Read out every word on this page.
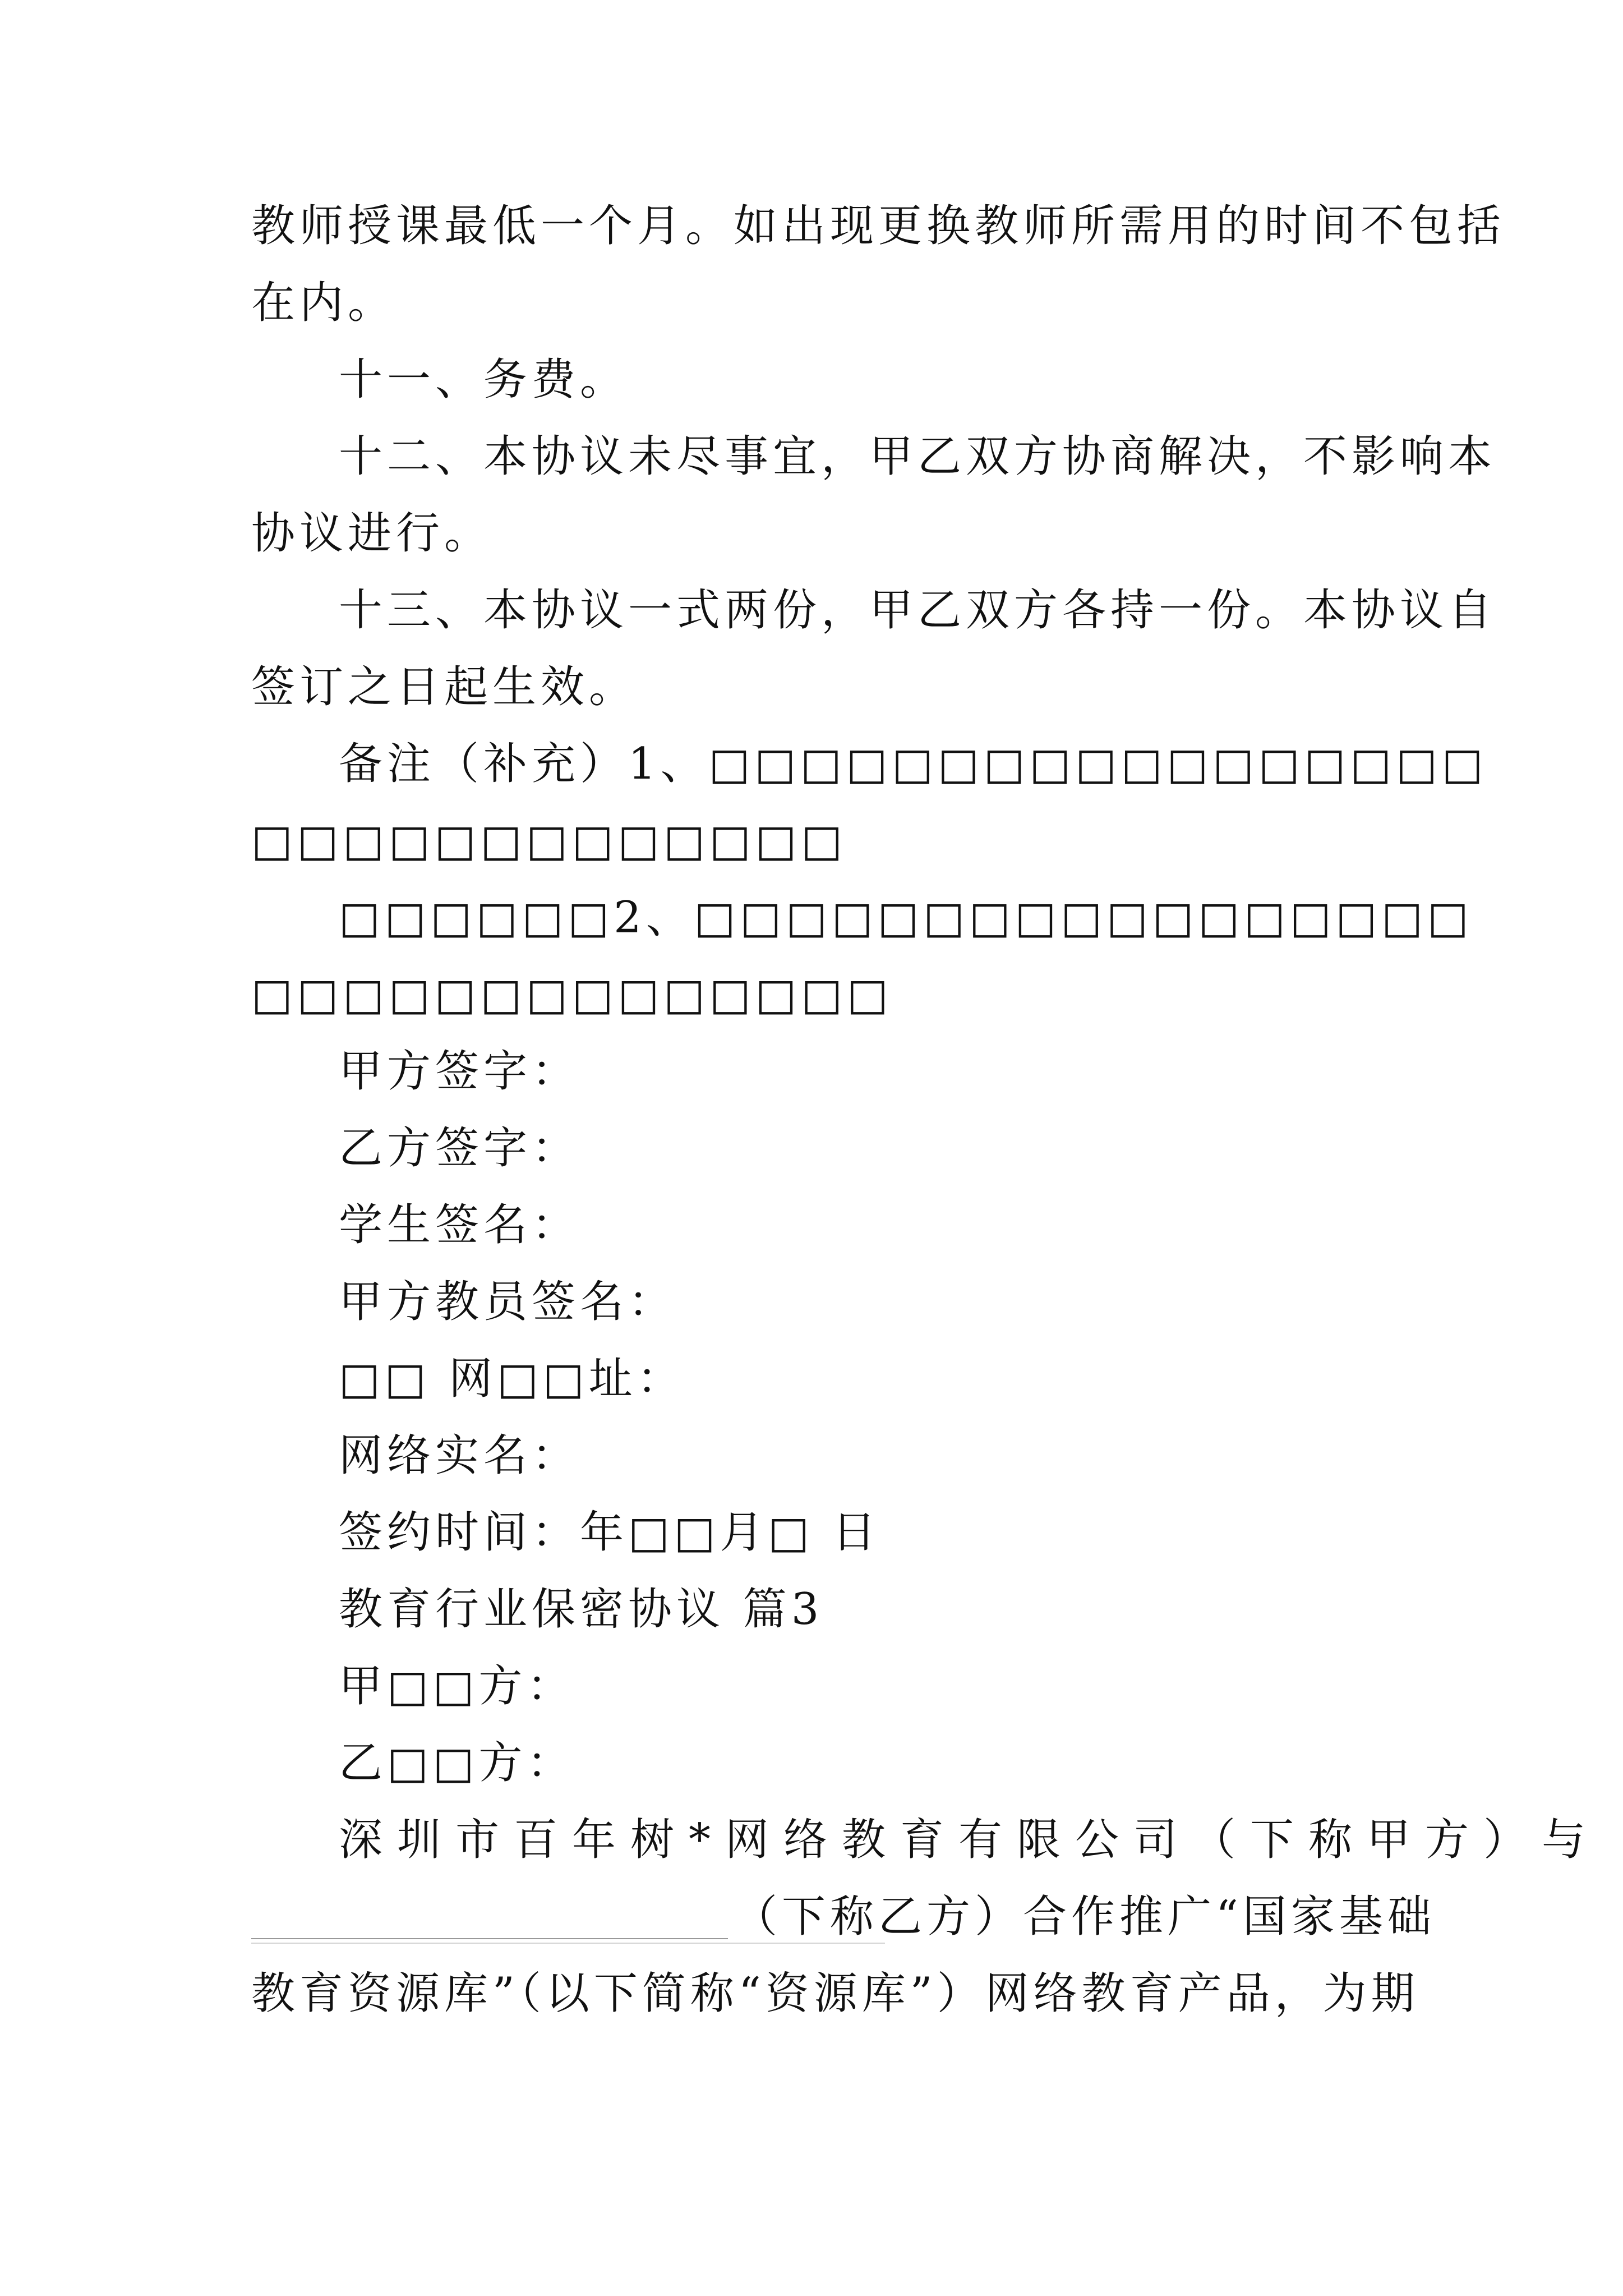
教师授课最低一个月。如出现更换教师所需用的时间不包括
在内。
十一、务费。
十二、本协议未尽事宜，甲乙双方协商解决，不影响本
协议进行。
十三、本协议一式两份，甲乙双方各持一份。本协议自
签订之日起生效。
备注（补充）1、□□□□□□□□□□□□□□□□□
□□□□□□□□□□□□□
□□□□□□2、□□□□□□□□□□□□□□□□□
□□□□□□□□□□□□□□
甲方签字：
乙方签字：
学生签名：
甲方教员签名：
□□ 网□□址：
网络实名：
签约时间：年□□月□ 日
教育行业保密协议 篇3
甲□□方：
乙□□方：
深圳市百年树*网络教育有限公司（下称甲方）与
（下称乙方）合作推广“国家基础
教育资源库”（以下简称“资源库”）网络教育产品，为期
